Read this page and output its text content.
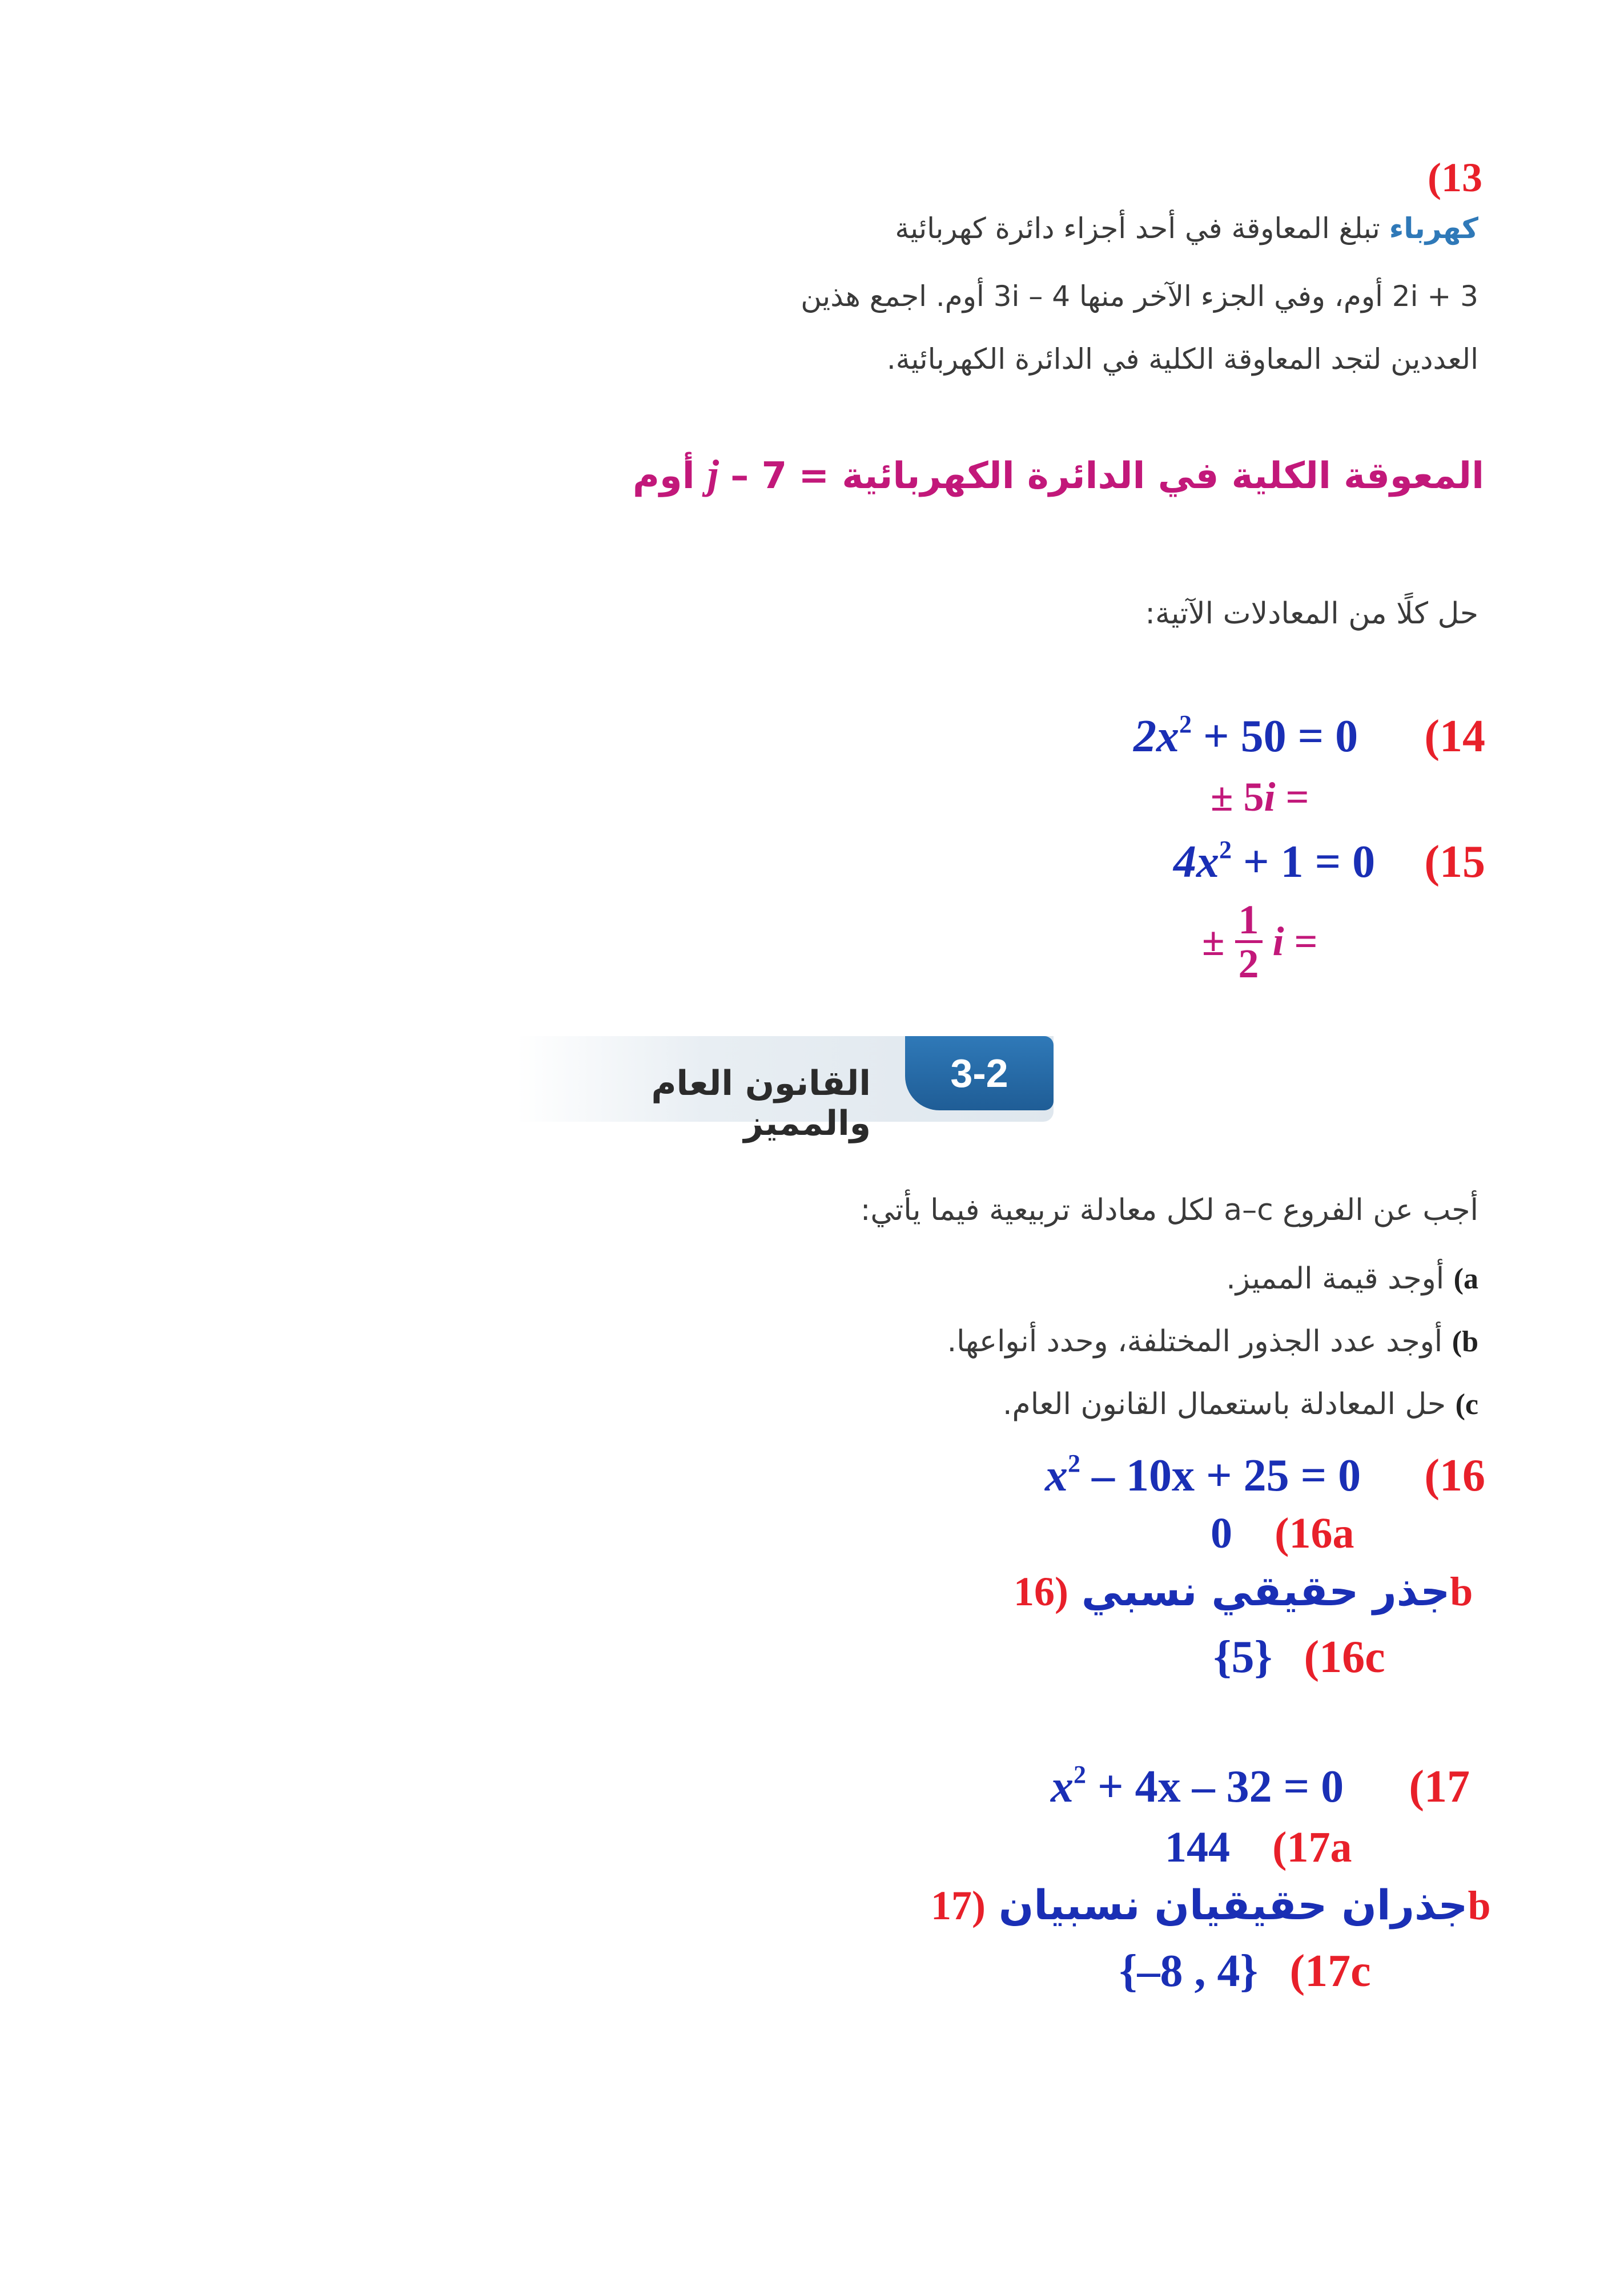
(13
كهرباء تبلغ المعاوقة في أحد أجزاء دائرة كهربائية
2i + 3 أوم، وفي الجزء الآخر منها 3i – 4 أوم. اجمع هذين
العددين لتجد المعاوقة الكلية في الدائرة الكهربائية.
المعوقة الكلية في الدائرة الكهربائية = j – 7 أوم
حل كلًا من المعادلات الآتية:
(14
$2x^2 + 50 = 0$
± 5i =
(15
$4x^2 + 1 = 0$
± $\frac{1}{2}$ i =
القانون العام والمميز
3-2
أجب عن الفروع a–c لكل معادلة تربيعية فيما يأتي:
a) أوجد قيمة المميز.
b) أوجد عدد الجذور المختلفة، وحدد أنواعها.
c) حل المعادلة باستعمال القانون العام.
(16
$x^2 - 10x + 25 = 0$
0 (16a
جذر حقيقي نسبي (16b
{5} (16c
(17
$x^2 + 4x - 32 = 0$
144 (17a
جذران حقيقيان نسبيان (17b
{–8 , 4} (17c
